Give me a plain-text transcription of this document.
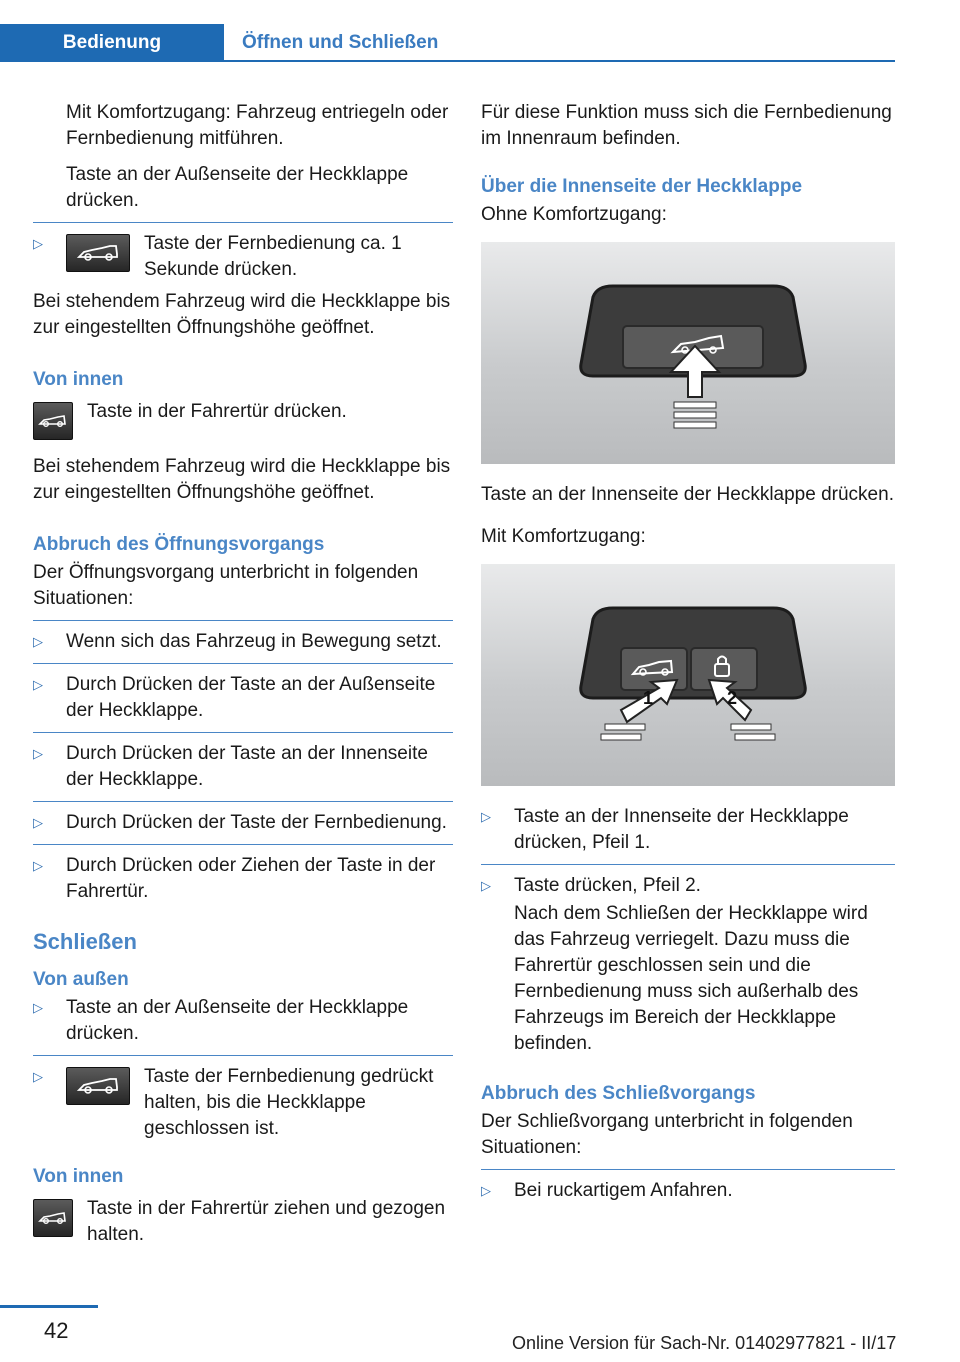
Bedienung	Öffnen und Schließen

Mit Komfortzugang: Fahrzeug entriegeln oder Fernbedienung mitführen.

Taste an der Außenseite der Heckklappe drücken.

▷	Taste der Fernbedienung ca. 1 Sekunde drücken.

Bei stehendem Fahrzeug wird die Heckklappe bis zur eingestellten Öffnungshöhe geöffnet.

Von innen

Taste in der Fahrertür drücken.

Bei stehendem Fahrzeug wird die Heckklappe bis zur eingestellten Öffnungshöhe geöffnet.

Abbruch des Öffnungsvorgangs

Der Öffnungsvorgang unterbricht in folgenden Situationen:

▷ Wenn sich das Fahrzeug in Bewegung setzt.
▷ Durch Drücken der Taste an der Außenseite der Heckklappe.
▷ Durch Drücken der Taste an der Innenseite der Heckklappe.
▷ Durch Drücken der Taste der Fernbedienung.
▷ Durch Drücken oder Ziehen der Taste in der Fahrertür.
Schließen
Von außen
▷ Taste an der Außenseite der Heckklappe drücken.
▷	Taste der Fernbedienung gedrückt halten, bis die Heckklappe geschlossen ist.

Von innen

Taste in der Fahrertür ziehen und gezogen halten.

Für diese Funktion muss sich die Fernbedienung im Innenraum befinden.

Über die Innenseite der Heckklappe

Ohne Komfortzugang:

Taste an der Innenseite der Heckklappe drücken.

Mit Komfortzugang:

1	2
▷ Taste an der Innenseite der Heckklappe drücken, Pfeil 1.
▷ Taste drücken, Pfeil 2.

Nach dem Schließen der Heckklappe wird das Fahrzeug verriegelt. Dazu muss die Fahrertür geschlossen sein und die Fernbedienung muss sich außerhalb des Fahrzeugs im Bereich der Heckklappe befinden.

Abbruch des Schließvorgangs

Der Schließvorgang unterbricht in folgenden Situationen:

▷ Bei ruckartigem Anfahren.
42	Online Version für Sach-Nr. 01402977821 - II/17
